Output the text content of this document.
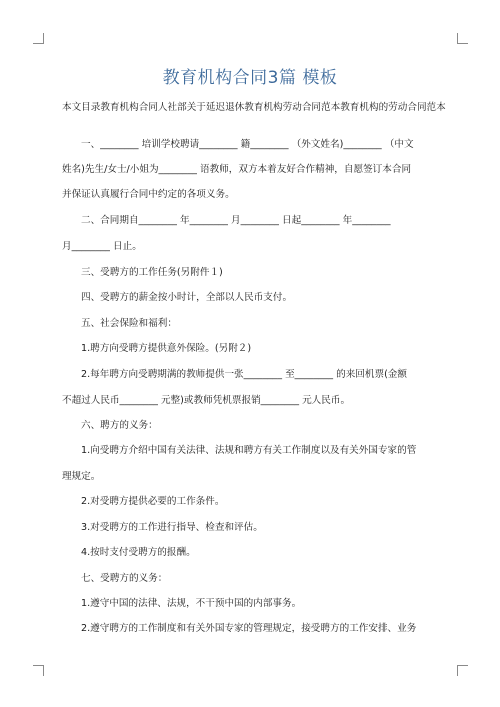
教育机构合同3篇 模板
本文目录教育机构合同人社部关于延迟退休教育机构劳动合同范本教育机构的劳动合同范本
一、________ 培训学校聘请________ 籍________ （外文姓名)________ （中文
姓名)先生/女士/小姐为________ 语教师，双方本着友好合作精神，自愿签订本合同
并保证认真履行合同中约定的各项义务。
二、合同期自________ 年________ 月________ 日起________ 年________
月________ 日止。
三、受聘方的工作任务(另附件１)
四、受聘方的薪金按小时计，全部以人民币支付。
五、社会保险和福利：
1.聘方向受聘方提供意外保险。(另附２)
2.每年聘方向受聘期满的教师提供一张________ 至________ 的来回机票(金额
不超过人民币________ 元整)或教师凭机票报销________ 元人民币。
六、聘方的义务：
1.向受聘方介绍中国有关法律、法规和聘方有关工作制度以及有关外国专家的管
理规定。
2.对受聘方提供必要的工作条件。
3.对受聘方的工作进行指导、检查和评估。
4.按时支付受聘方的报酬。
七、受聘方的义务：
1.遵守中国的法律、法规，不干预中国的内部事务。
2.遵守聘方的工作制度和有关外国专家的管理规定，接受聘方的工作安排、业务
